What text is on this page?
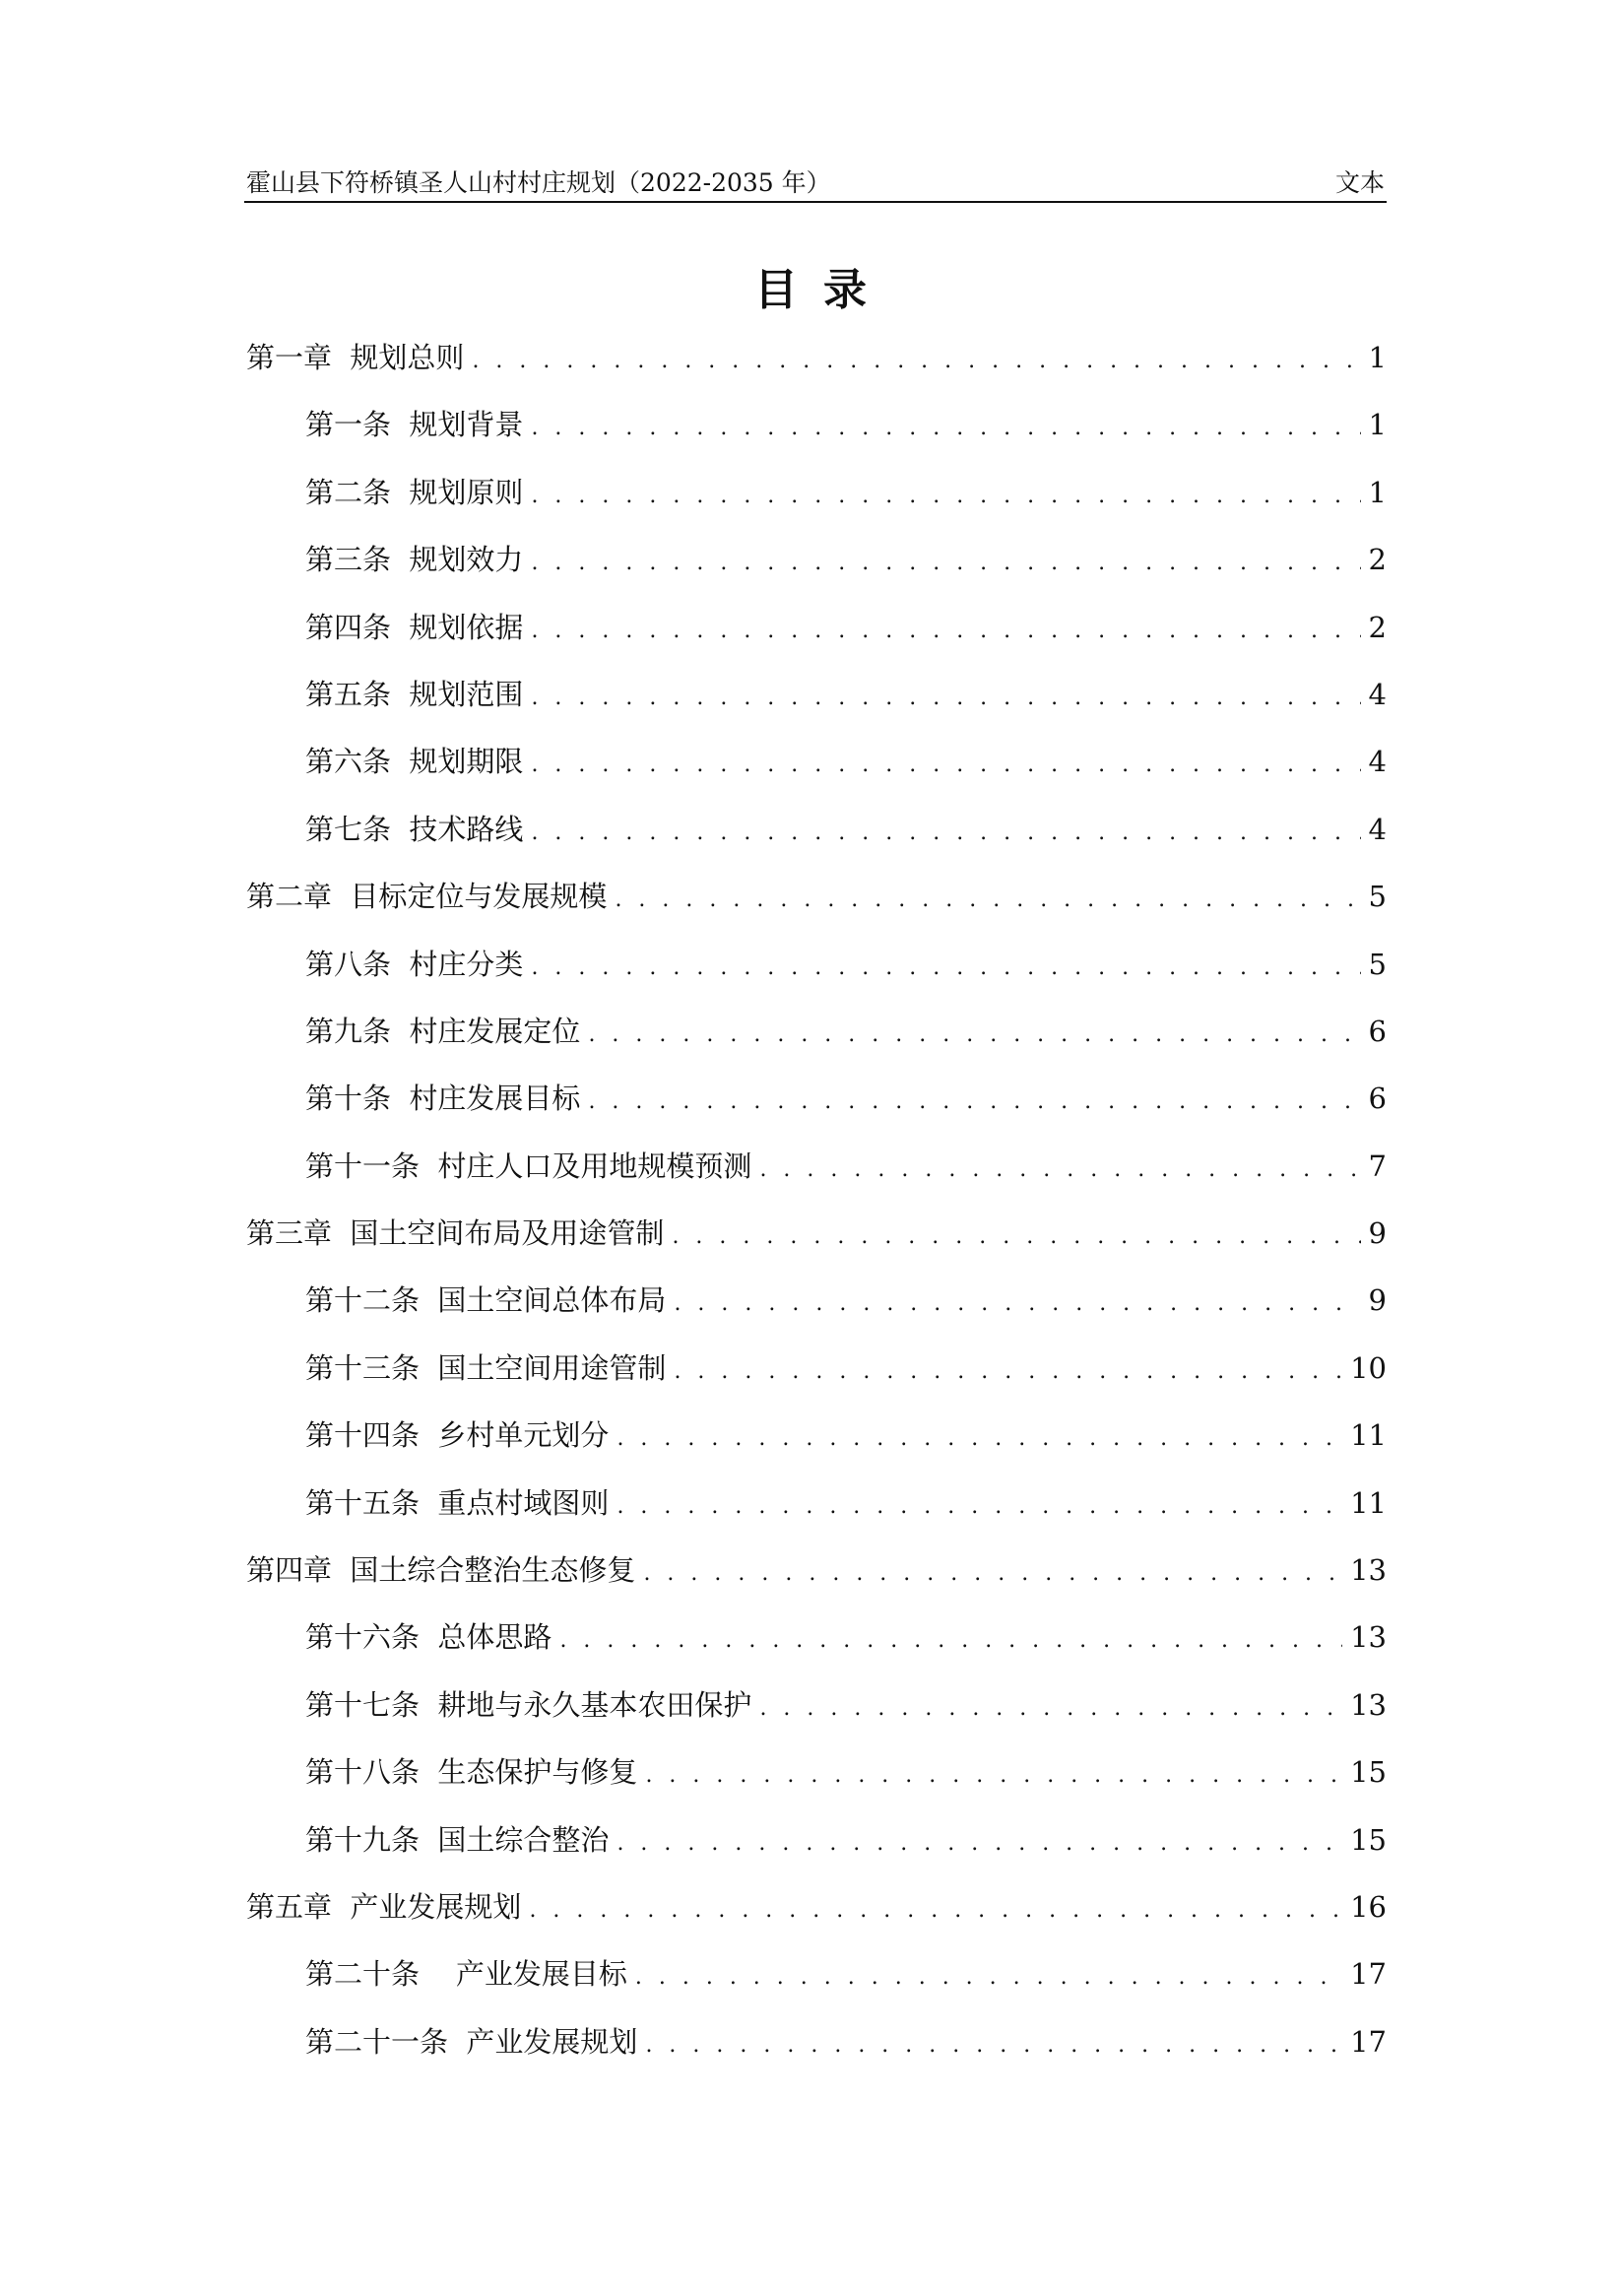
霍山县下符桥镇圣人山村村庄规划（2022-2035 年）	文本
目录
第一章  规划总则 . . .	1
第一条  规划背景 . . .	1
第二条  规划原则 . . .	1
第三条  规划效力 . . .	2
第四条  规划依据 . . .	2
第五条  规划范围 . . .	4
第六条  规划期限 . . .	4
第七条  技术路线 . . .	4
第二章  目标定位与发展规模 . . .	5
第八条  村庄分类 . . .	5
第九条  村庄发展定位 . . .	6
第十条  村庄发展目标 . . .	6
第十一条  村庄人口及用地规模预测 . . .	7
第三章  国土空间布局及用途管制 . . .	9
第十二条  国土空间总体布局 . . .	9
第十三条  国土空间用途管制 . . .	10
第十四条  乡村单元划分 . . .	11
第十五条  重点村域图则 . . .	11
第四章  国土综合整治生态修复 . . .	13
第十六条  总体思路 . . .	13
第十七条  耕地与永久基本农田保护 . . .	13
第十八条  生态保护与修复 . . .	15
第十九条  国土综合整治 . . .	15
第五章  产业发展规划 . . .	16
第二十条    产业发展目标 . . .	17
第二十一条  产业发展规划 . . .	17
